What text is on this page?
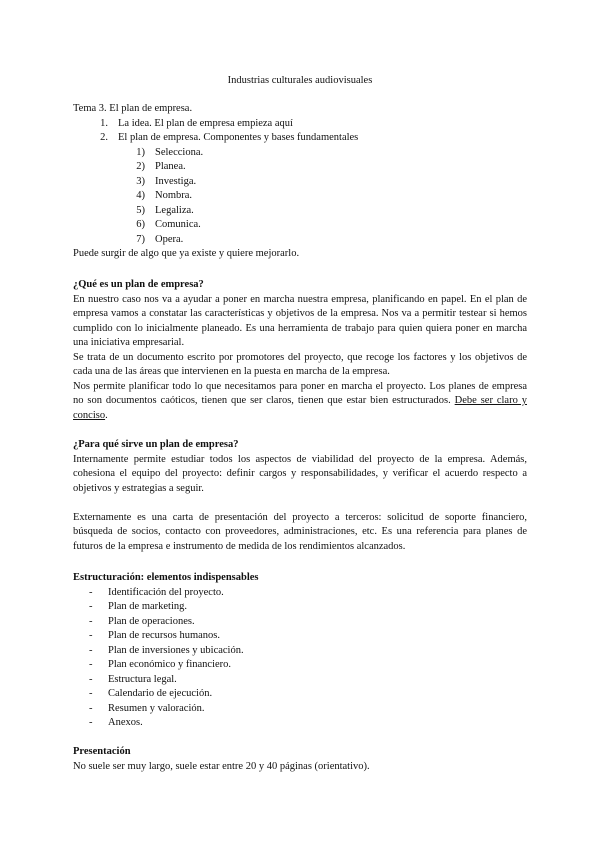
Industrias culturales audiovisuales

Tema 3. El plan de empresa.

1. La idea. El plan de empresa empieza aquí
2. El plan de empresa. Componentes y bases fundamentales
1) Selecciona.
2) Planea.
3) Investiga.
4) Nombra.
5) Legaliza.
6) Comunica.
7) Opera.

Puede surgir de algo que ya existe y quiere mejorarlo.

¿Qué es un plan de empresa?

En nuestro caso nos va a ayudar a poner en marcha nuestra empresa, planificando en papel. En el plan de empresa vamos a constatar las características y objetivos de la empresa. Nos va a permitir testear si hemos cumplido con lo inicialmente planeado. Es una herramienta de trabajo para quien quiera poner en marcha una iniciativa empresarial.

Se trata de un documento escrito por promotores del proyecto, que recoge los factores y los objetivos de cada una de las áreas que intervienen en la puesta en marcha de la empresa.

Nos permite planificar todo lo que necesitamos para poner en marcha el proyecto. Los planes de empresa no son documentos caóticos, tienen que ser claros, tienen que estar bien estructurados. Debe ser claro y conciso.

¿Para qué sirve un plan de empresa?

Internamente permite estudiar todos los aspectos de viabilidad del proyecto de la empresa. Además, cohesiona el equipo del proyecto: definir cargos y responsabilidades, y verificar el acuerdo respecto a objetivos y estrategias a seguir.

Externamente es una carta de presentación del proyecto a terceros: solicitud de soporte financiero, búsqueda de socios, contacto con proveedores, administraciones, etc. Es una referencia para planes de futuros de la empresa e instrumento de medida de los rendimientos alcanzados.

Estructuración: elementos indispensables

-	Identificación del proyecto.
-	Plan de marketing.
-	Plan de operaciones.
-	Plan de recursos humanos.
-	Plan de inversiones y ubicación.
-	Plan económico y financiero.
-	Estructura legal.
-	Calendario de ejecución.
-	Resumen y valoración.
-	Anexos.

Presentación

No suele ser muy largo, suele estar entre 20 y 40 páginas (orientativo).
